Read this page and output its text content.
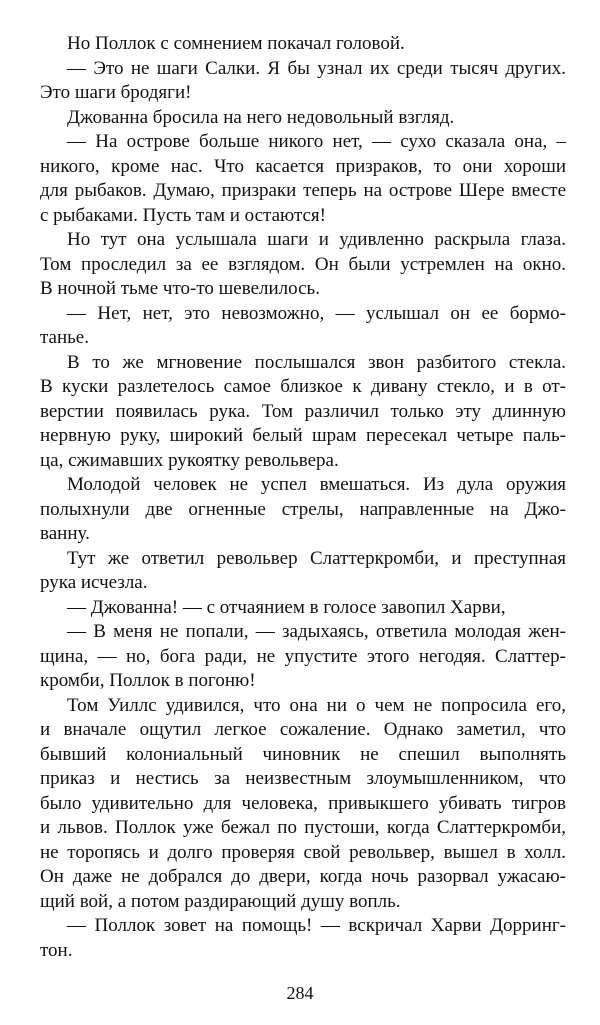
Но Поллок с сомнением покачал головой.
— Это не шаги Салки. Я бы узнал их среди тысяч других.
Это шаги бродяги!
Джованна бросила на него недовольный взгляд.
— На острове больше никого нет, — сухо сказала она, –
никого, кроме нас. Что касается призраков, то они хороши
для рыбаков. Думаю, призраки теперь на острове Шере вместе
с рыбаками. Пусть там и остаются!
Но тут она услышала шаги и удивленно раскрыла глаза.
Том проследил за ее взглядом. Он были устремлен на окно.
В ночной тьме что-то шевелилось.
— Нет, нет, это невозможно, — услышал он ее бормо-
танье.
В то же мгновение послышался звон разбитого стекла.
В куски разлетелось самое близкое к дивану стекло, и в от-
верстии появилась рука. Том различил только эту длинную
нервную руку, широкий белый шрам пересекал четыре паль-
ца, сжимавших рукоятку револьвера.
Молодой человек не успел вмешаться. Из дула оружия
полыхнули две огненные стрелы, направленные на Джо-
ванну.
Тут же ответил револьвер Слаттеркромби, и преступная
рука исчезла.
— Джованна! — с отчаянием в голосе завопил Харви,
— В меня не попали, — задыхаясь, ответила молодая жен-
щина, — но, бога ради, не упустите этого негодяя. Слаттер-
кромби, Поллок в погоню!
Том Уиллс удивился, что она ни о чем не попросила его,
и вначале ощутил легкое сожаление. Однако заметил, что
бывший колониальный чиновник не спешил выполнять
приказ и нестись за неизвестным злоумышленником, что
было удивительно для человека, привыкшего убивать тигров
и львов. Поллок уже бежал по пустоши, когда Слаттеркромби,
не торопясь и долго проверяя свой револьвер, вышел в холл.
Он даже не добрался до двери, когда ночь разорвал ужасаю-
щий вой, а потом раздирающий душу вопль.
— Поллок зовет на помощь! — вскричал Харви Дорринг-
тон.
284
